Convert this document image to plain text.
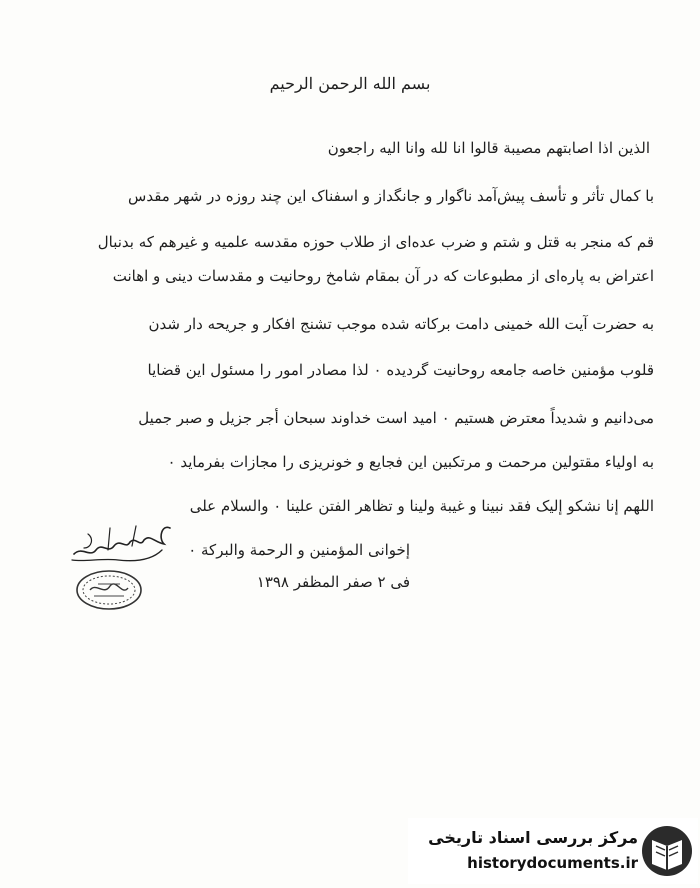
بسم الله الرحمن الرحیم
الذین اذا اصابتهم مصیبة قالوا انا لله وانا الیه راجعون
با کمال تأثر و تأسف پیش‌آمد ناگوار و جانگداز و اسفناک این چند روزه در شهر مقدس
قم که منجر به قتل و شتم و ضرب عده‌ای از طلاب حوزه مقدسه علمیه و غیرهم که بدنبال
اعتراض به پاره‌ای از مطبوعات که در آن بمقام شامخ روحانیت و مقدسات دینی و اهانت
به حضرت آیت الله خمینی دامت برکاته شده موجب تشنج افکار و جریحه دار شدن
قلوب مؤمنین خاصه جامعه روحانیت گردیده ۰ لذا مصادر امور را مسئول این قضایا
می‌دانیم و شدیداً معترض هستیم ۰ امید است خداوند سبحان أجر جزیل و صبر جمیل
به اولیاء مقتولین مرحمت و مرتکبین این فجایع و خونریزی را مجازات بفرماید ۰
اللهم إنا نشکو إلیک فقد نبینا و غیبة ولینا و تظاهر الفتن علینا ۰ والسلام علی
إخوانی المؤمنین و الرحمة والبرکة ۰
فی ۲ صفر المظفر ۱۳۹۸
مرکز بررسی اسناد تاریخی
historydocuments.ir
